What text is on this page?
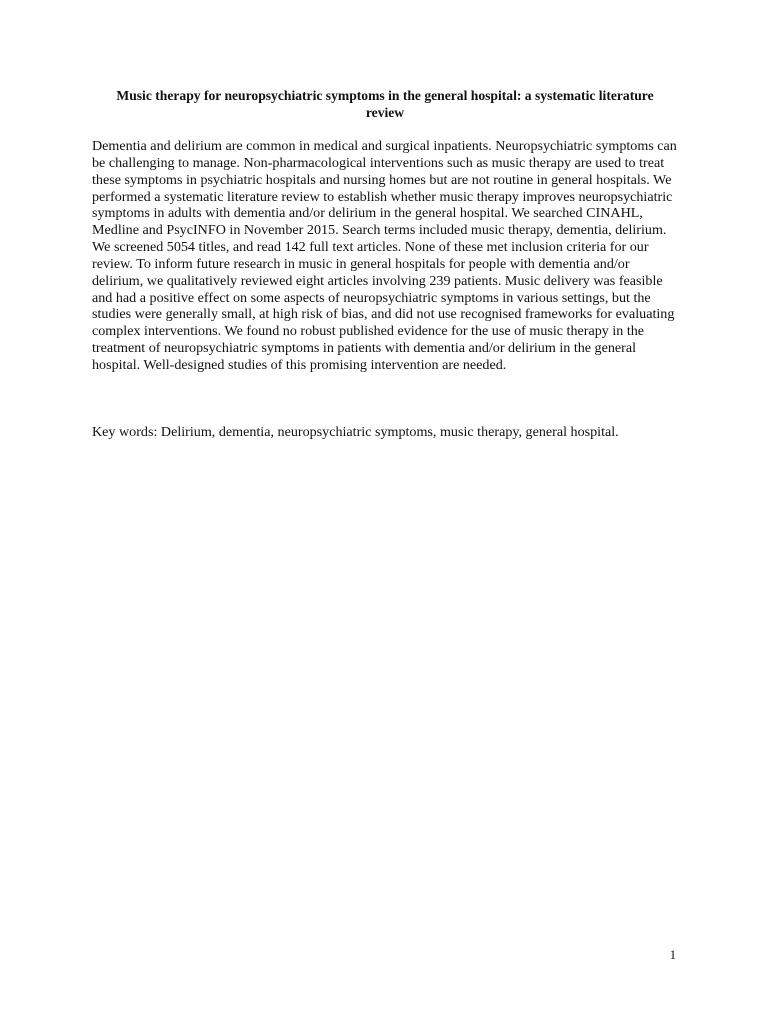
Music therapy for neuropsychiatric symptoms in the general hospital: a systematic literature review

Dementia and delirium are common in medical and surgical inpatients. Neuropsychiatric symptoms can be challenging to manage. Non-pharmacological interventions such as music therapy are used to treat these symptoms in psychiatric hospitals and nursing homes but are not routine in general hospitals. We performed a systematic literature review to establish whether music therapy improves neuropsychiatric symptoms in adults with dementia and/or delirium in the general hospital. We searched CINAHL, Medline and PsycINFO in November 2015. Search terms included music therapy, dementia, delirium. We screened 5054 titles, and read 142 full text articles. None of these met inclusion criteria for our review. To inform future research in music in general hospitals for people with dementia and/or delirium, we qualitatively reviewed eight articles involving 239 patients. Music delivery was feasible and had a positive effect on some aspects of neuropsychiatric symptoms in various settings, but the studies were generally small, at high risk of bias, and did not use recognised frameworks for evaluating complex interventions. We found no robust published evidence for the use of music therapy in the treatment of neuropsychiatric symptoms in patients with dementia and/or delirium in the general hospital. Well-designed studies of this promising intervention are needed.

Key words: Delirium, dementia, neuropsychiatric symptoms, music therapy, general hospital.

1
